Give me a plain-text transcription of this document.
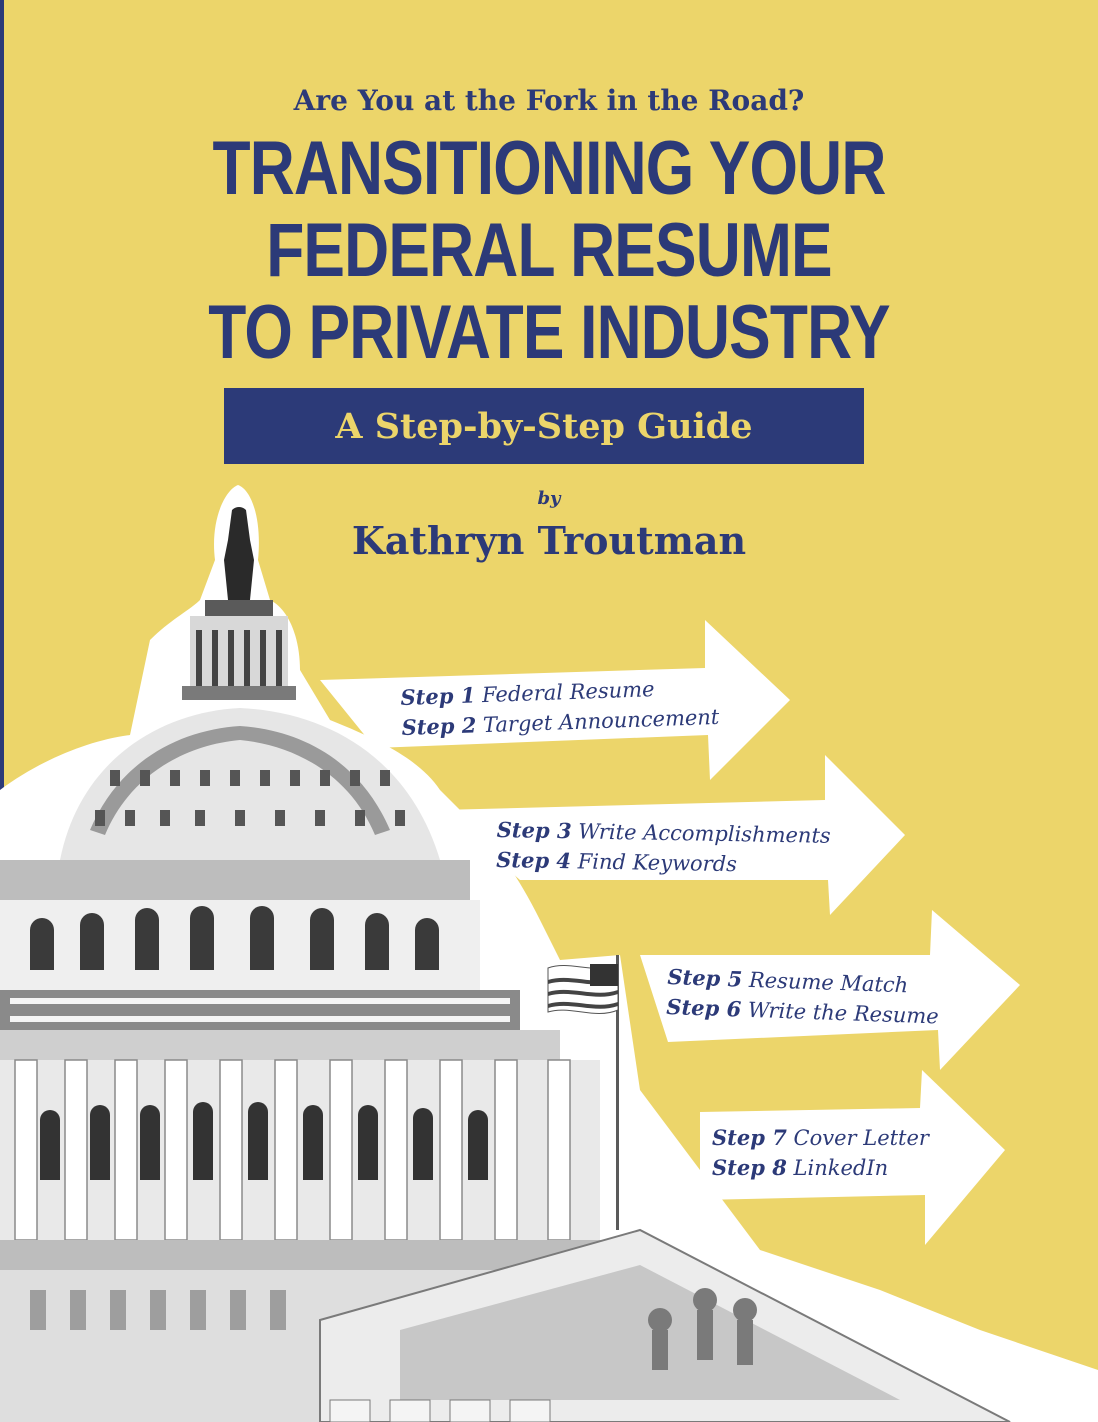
Are You at the Fork in the Road?
TRANSITIONING YOUR
FEDERAL RESUME
TO PRIVATE INDUSTRY
A Step-by-Step Guide
by
Kathryn Troutman
Step 1 Federal Resume
Step 2 Target Announcement
Step 3 Write Accomplishments
Step 4 Find Keywords
Step 5 Resume Match
Step 6 Write the Resume
Step 7 Cover Letter
Step 8 LinkedIn
